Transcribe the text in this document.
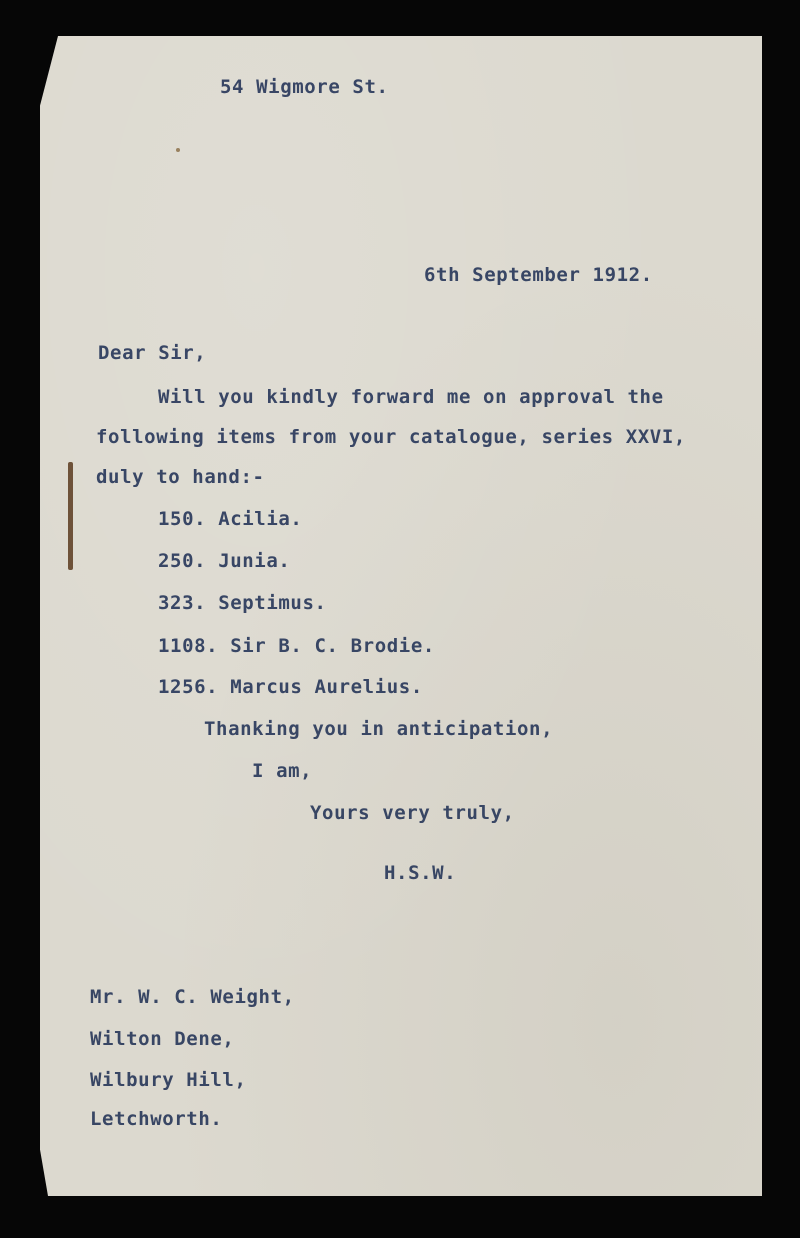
54 Wigmore St.
6th September 1912.
Dear Sir,
Will you kindly forward me on approval the
following items from your catalogue, series XXVI,
duly to hand:-
150. Acilia.
250. Junia.
323. Septimus.
1108. Sir B. C. Brodie.
1256. Marcus Aurelius.
Thanking you in anticipation,
I am,
Yours very truly,
H.S.W.
Mr. W. C. Weight,
Wilton Dene,
Wilbury Hill,
Letchworth.
